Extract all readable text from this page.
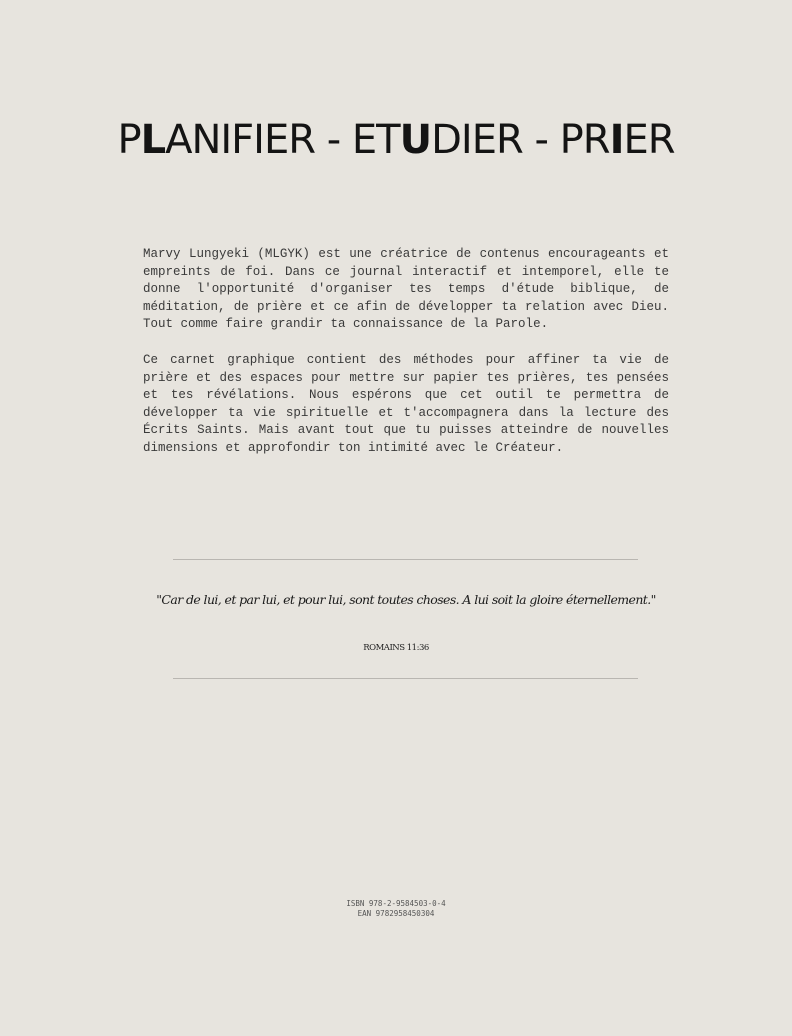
PLANIFIER - ETUDIER - PRIER

Marvy Lungyeki (MLGYK) est une créatrice de contenus encourageants et empreints de foi. Dans ce journal interactif et intemporel, elle te donne l'opportunité d'organiser tes temps d'étude biblique, de méditation, de prière et ce afin de développer ta relation avec Dieu. Tout comme faire grandir ta connaissance de la Parole.

Ce carnet graphique contient des méthodes pour affiner ta vie de prière et des espaces pour mettre sur papier tes prières, tes pensées et tes révélations. Nous espérons que cet outil te permettra de développer ta vie spirituelle et t'accompagnera dans la lecture des Écrits Saints. Mais avant tout que tu puisses atteindre de nouvelles dimensions et approfondir ton intimité avec le Créateur.

"Car de lui, et par lui, et pour lui, sont toutes choses. A lui soit la gloire éternellement."
ROMAINS 11:36
ISBN 978-2-9584503-0-4
EAN 9782958450304
